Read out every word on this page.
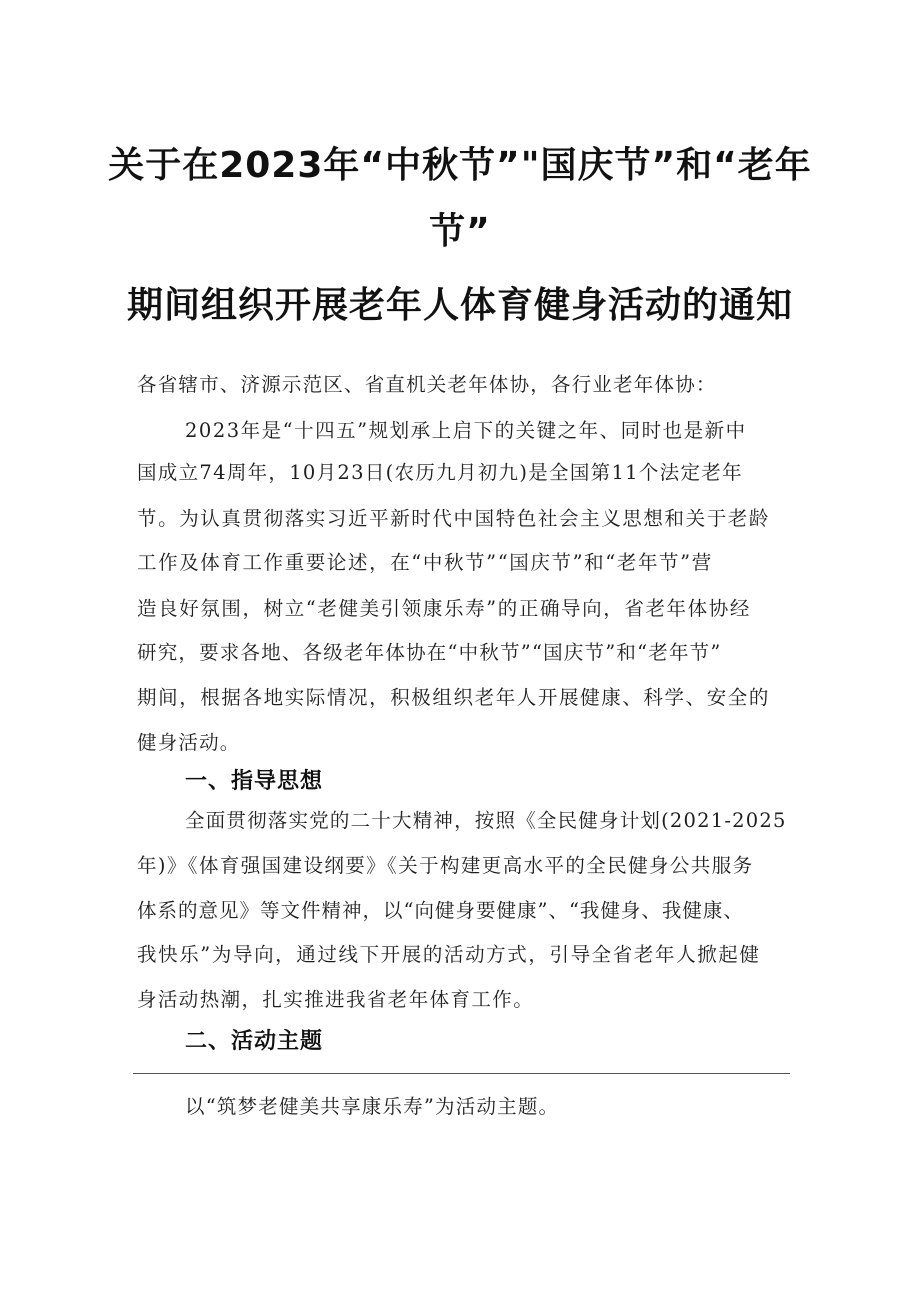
关于在2023年“中秋节”"国庆节”和“老年
节”
期间组织开展老年人体育健身活动的通知
各省辖市、济源示范区、省直机关老年体协，各行业老年体协：
2023年是“十四五”规划承上启下的关键之年、同时也是新中
国成立74周年，10月23日(农历九月初九)是全国第11个法定老年
节。为认真贯彻落实习近平新时代中国特色社会主义思想和关于老龄
工作及体育工作重要论述，在“中秋节”“国庆节”和“老年节”营
造良好氛围，树立“老健美引领康乐寿”的正确导向，省老年体协经
研究，要求各地、各级老年体协在“中秋节”“国庆节”和“老年节”
期间，根据各地实际情况，积极组织老年人开展健康、科学、安全的
健身活动。
一、指导思想
全面贯彻落实党的二十大精神，按照《全民健身计划(2021-2025
年)》《体育强国建设纲要》《关于构建更高水平的全民健身公共服务
体系的意见》等文件精神，以“向健身要健康”、“我健身、我健康、
我快乐”为导向，通过线下开展的活动方式，引导全省老年人掀起健
身活动热潮，扎实推进我省老年体育工作。
二、活动主题
以“筑梦老健美共享康乐寿”为活动主题。
